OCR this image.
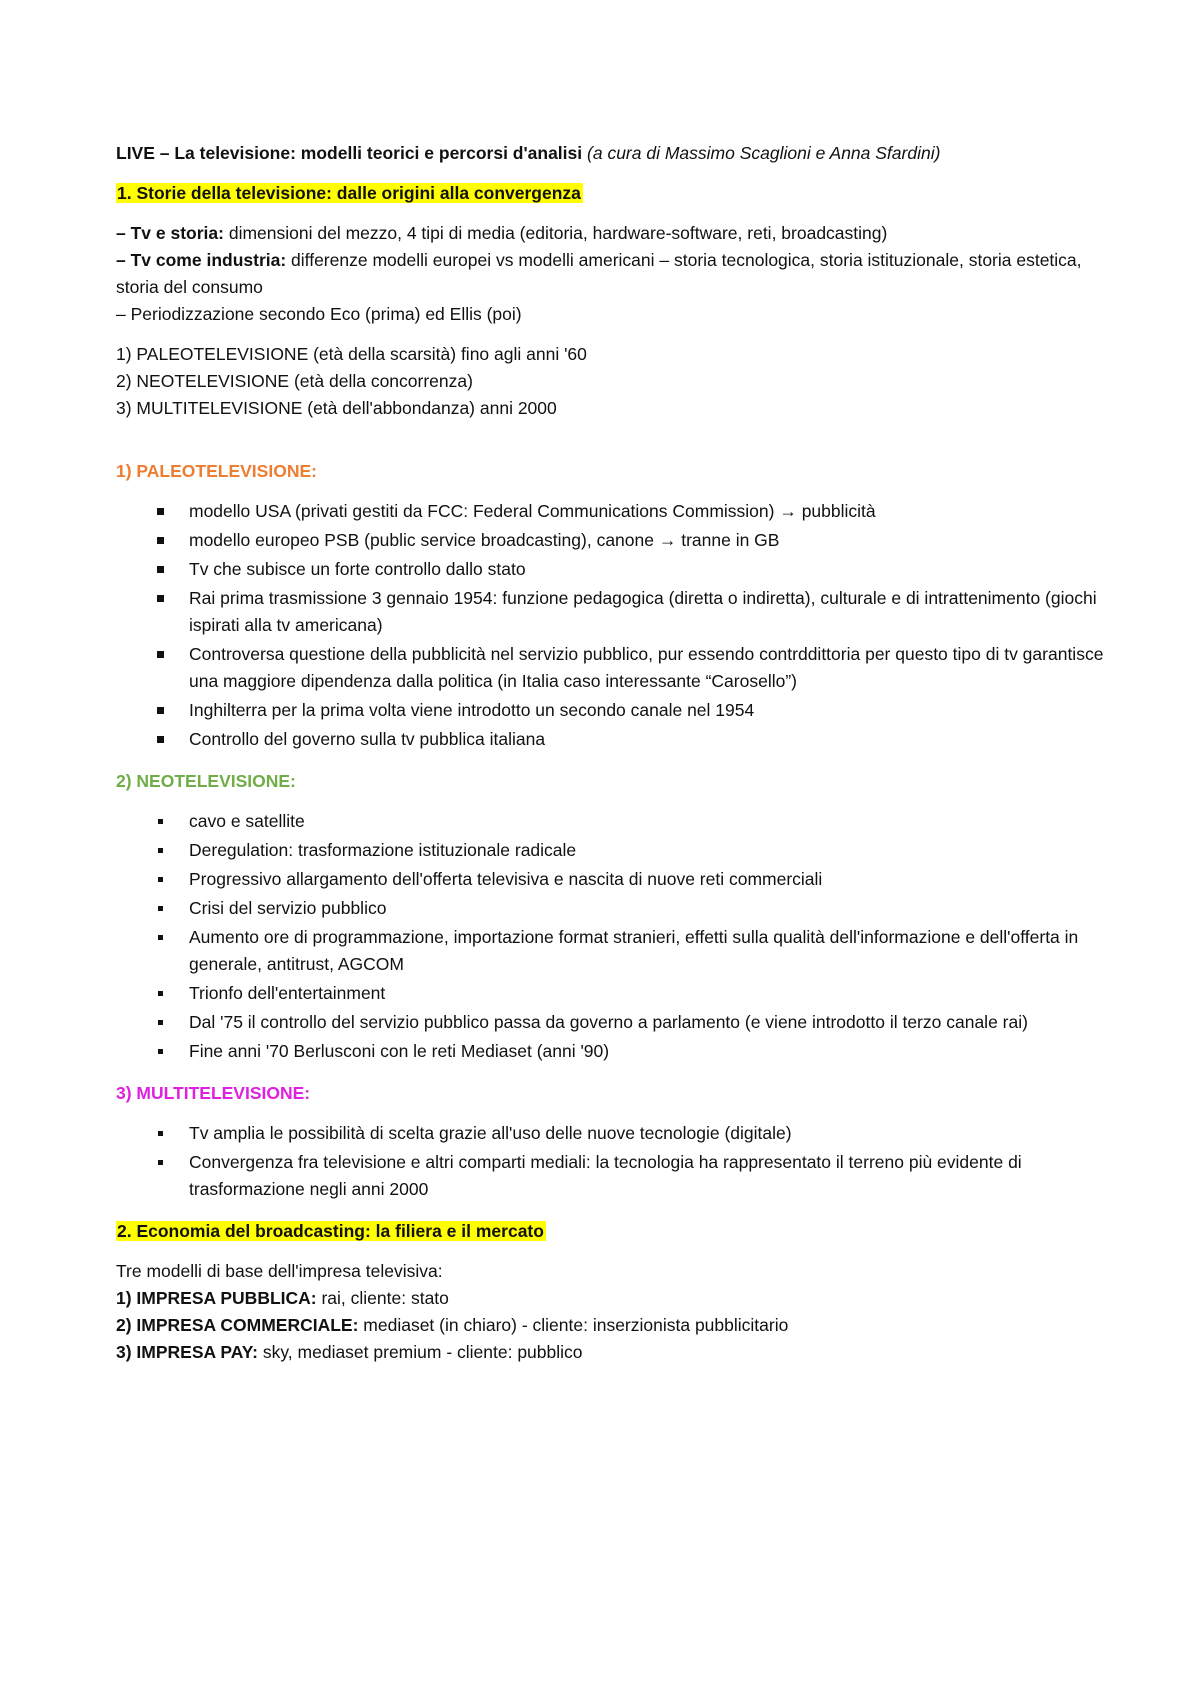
LIVE – La televisione: modelli teorici e percorsi d'analisi (a cura di Massimo Scaglioni e Anna Sfardini)

1. Storie della televisione: dalle origini alla convergenza

– Tv e storia: dimensioni del mezzo, 4 tipi di media (editoria, hardware-software, reti, broadcasting)

– Tv come industria: differenze modelli europei vs modelli americani – storia tecnologica, storia istituzionale, storia estetica, storia del consumo

– Periodizzazione secondo Eco (prima) ed Ellis (poi)

1) PALEOTELEVISIONE (età della scarsità) fino agli anni '60

2) NEOTELEVISIONE (età della concorrenza)

3) MULTITELEVISIONE (età dell'abbondanza) anni 2000

1) PALEOTELEVISIONE:

modello USA (privati gestiti da FCC: Federal Communications Commission) → pubblicità
modello europeo PSB (public service broadcasting), canone → tranne in GB
Tv che subisce un forte controllo dallo stato
Rai prima trasmissione 3 gennaio 1954: funzione pedagogica (diretta o indiretta), culturale e di intrattenimento (giochi ispirati alla tv americana)
Controversa questione della pubblicità nel servizio pubblico, pur essendo contrddittoria per questo tipo di tv garantisce una maggiore dipendenza dalla politica (in Italia caso interessante “Carosello”)
Inghilterra per la prima volta viene introdotto un secondo canale nel 1954
Controllo del governo sulla tv pubblica italiana

2) NEOTELEVISIONE:

cavo e satellite
Deregulation: trasformazione istituzionale radicale
Progressivo allargamento dell'offerta televisiva e nascita di nuove reti commerciali
Crisi del servizio pubblico
Aumento ore di programmazione, importazione format stranieri, effetti sulla qualità dell'informazione e dell'offerta in generale, antitrust, AGCOM
Trionfo dell'entertainment
Dal '75 il controllo del servizio pubblico passa da governo a parlamento (e viene introdotto il terzo canale rai)
Fine anni '70 Berlusconi con le reti Mediaset (anni '90)

3) MULTITELEVISIONE:

Tv amplia le possibilità di scelta grazie all'uso delle nuove tecnologie (digitale)
Convergenza fra televisione e altri comparti mediali: la tecnologia ha rappresentato il terreno più evidente di trasformazione negli anni 2000

2. Economia del broadcasting: la filiera e il mercato

Tre modelli di base dell'impresa televisiva:

1) IMPRESA PUBBLICA: rai, cliente: stato

2) IMPRESA COMMERCIALE: mediaset (in chiaro) - cliente: inserzionista pubblicitario

3) IMPRESA PAY: sky, mediaset premium - cliente: pubblico
